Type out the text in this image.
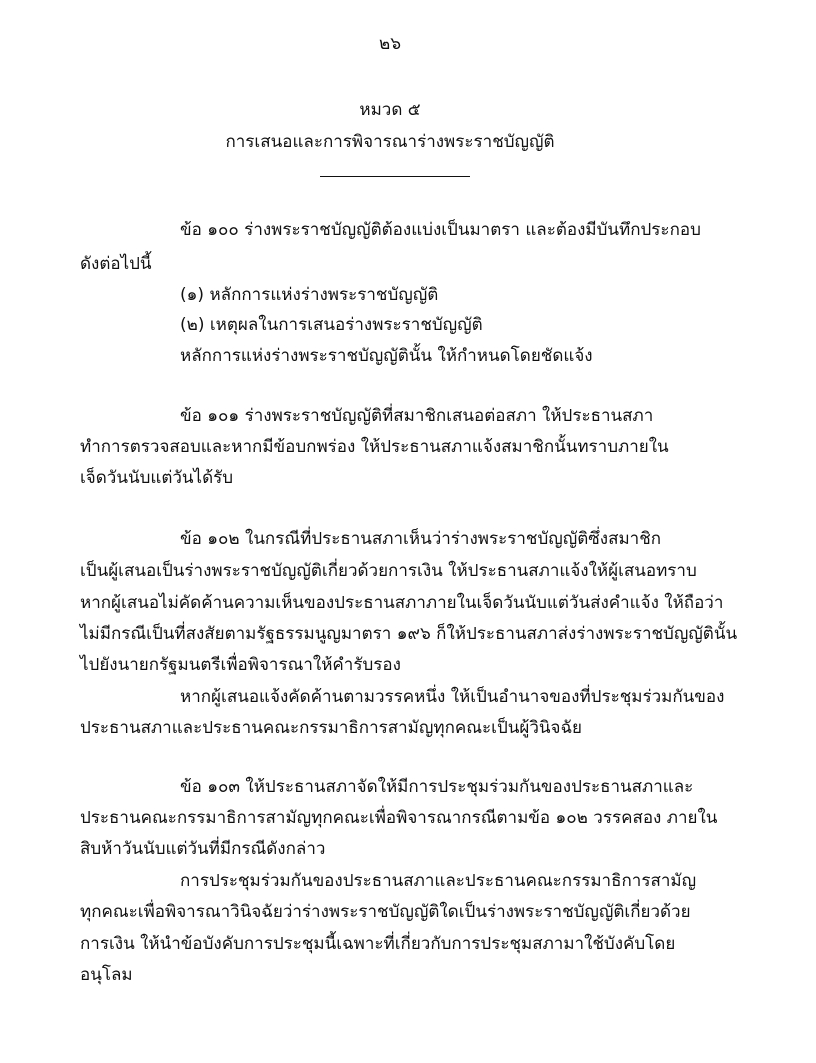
๒๖
หมวด ๕
การเสนอและการพิจารณาร่างพระราชบัญญัติ
ข้อ ๑๐๐ ร่างพระราชบัญญัติต้องแบ่งเป็นมาตรา และต้องมีบันทึกประกอบ
ดังต่อไปนี้
(๑) หลักการแห่งร่างพระราชบัญญัติ
(๒) เหตุผลในการเสนอร่างพระราชบัญญัติ
หลักการแห่งร่างพระราชบัญญัตินั้น ให้กำหนดโดยชัดแจ้ง
ข้อ ๑๐๑ ร่างพระราชบัญญัติที่สมาชิกเสนอต่อสภา ให้ประธานสภา
ทำการตรวจสอบและหากมีข้อบกพร่อง ให้ประธานสภาแจ้งสมาชิกนั้นทราบภายใน
เจ็ดวันนับแต่วันได้รับ
ข้อ ๑๐๒ ในกรณีที่ประธานสภาเห็นว่าร่างพระราชบัญญัติซึ่งสมาชิก
เป็นผู้เสนอเป็นร่างพระราชบัญญัติเกี่ยวด้วยการเงิน ให้ประธานสภาแจ้งให้ผู้เสนอทราบ
หากผู้เสนอไม่คัดค้านความเห็นของประธานสภาภายในเจ็ดวันนับแต่วันส่งคำแจ้ง ให้ถือว่า
ไม่มีกรณีเป็นที่สงสัยตามรัฐธรรมนูญมาตรา ๑๙๖ ก็ให้ประธานสภาส่งร่างพระราชบัญญัตินั้น
ไปยังนายกรัฐมนตรีเพื่อพิจารณาให้คำรับรอง
หากผู้เสนอแจ้งคัดค้านตามวรรคหนึ่ง ให้เป็นอำนาจของที่ประชุมร่วมกันของ
ประธานสภาและประธานคณะกรรมาธิการสามัญทุกคณะเป็นผู้วินิจฉัย
ข้อ ๑๐๓ ให้ประธานสภาจัดให้มีการประชุมร่วมกันของประธานสภาและ
ประธานคณะกรรมาธิการสามัญทุกคณะเพื่อพิจารณากรณีตามข้อ ๑๐๒ วรรคสอง ภายใน
สิบห้าวันนับแต่วันที่มีกรณีดังกล่าว
การประชุมร่วมกันของประธานสภาและประธานคณะกรรมาธิการสามัญ
ทุกคณะเพื่อพิจารณาวินิจฉัยว่าร่างพระราชบัญญัติใดเป็นร่างพระราชบัญญัติเกี่ยวด้วย
การเงิน ให้นำข้อบังคับการประชุมนี้เฉพาะที่เกี่ยวกับการประชุมสภามาใช้บังคับโดย
อนุโลม
